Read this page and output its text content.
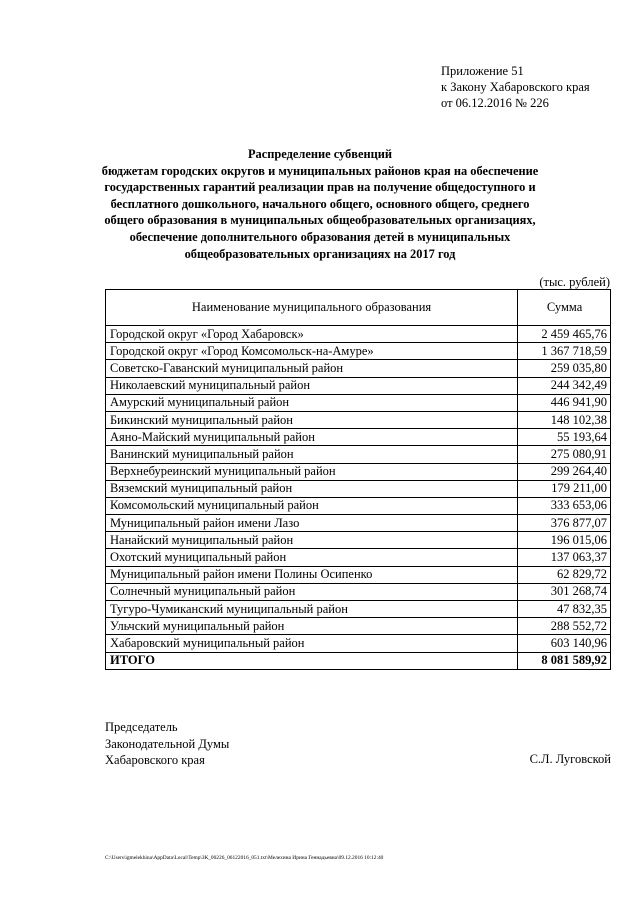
Приложение 51
к Закону Хабаровского края
от 06.12.2016 № 226
Распределение субвенций
бюджетам городских округов и муниципальных районов края на обеспечение
государственных гарантий реализации прав на получение общедоступного и
бесплатного дошкольного, начального общего, основного общего, среднего
общего образования в муниципальных общеобразовательных организациях,
обеспечение дополнительного образования детей в муниципальных
общеобразовательных организациях на 2017 год
(тыс. рублей)
Наименование муниципального образования	Сумма
Городской округ «Город Хабаровск»	2 459 465,76
Городской округ «Город Комсомольск-на-Амуре»	1 367 718,59
Советско-Гаванский муниципальный район	259 035,80
Николаевский муниципальный район	244 342,49
Амурский муниципальный район	446 941,90
Бикинский муниципальный район	148 102,38
Аяно-Майский муниципальный район	55 193,64
Ванинский муниципальный район	275 080,91
Верхнебуреинский муниципальный район	299 264,40
Вяземский муниципальный район	179 211,00
Комсомольский муниципальный район	333 653,06
Муниципальный район имени Лазо	376 877,07
Нанайский муниципальный район	196 015,06
Охотский муниципальный район	137 063,37
Муниципальный район имени Полины Осипенко	62 829,72
Солнечный муниципальный район	301 268,74
Тугуро-Чумиканский муниципальный район	47 832,35
Ульчский муниципальный район	288 552,72
Хабаровский муниципальный район	603 140,96
ИТОГО	8 081 589,92
Председатель
Законодательной Думы
Хабаровского края	С.Л. Луговской
C:\Users\igmelekhina\AppData\Local\Temp\ЗК_00226_06122016_051.txt\Мелехина Ирина Геннадьевна\09.12.2016 10:12:40
